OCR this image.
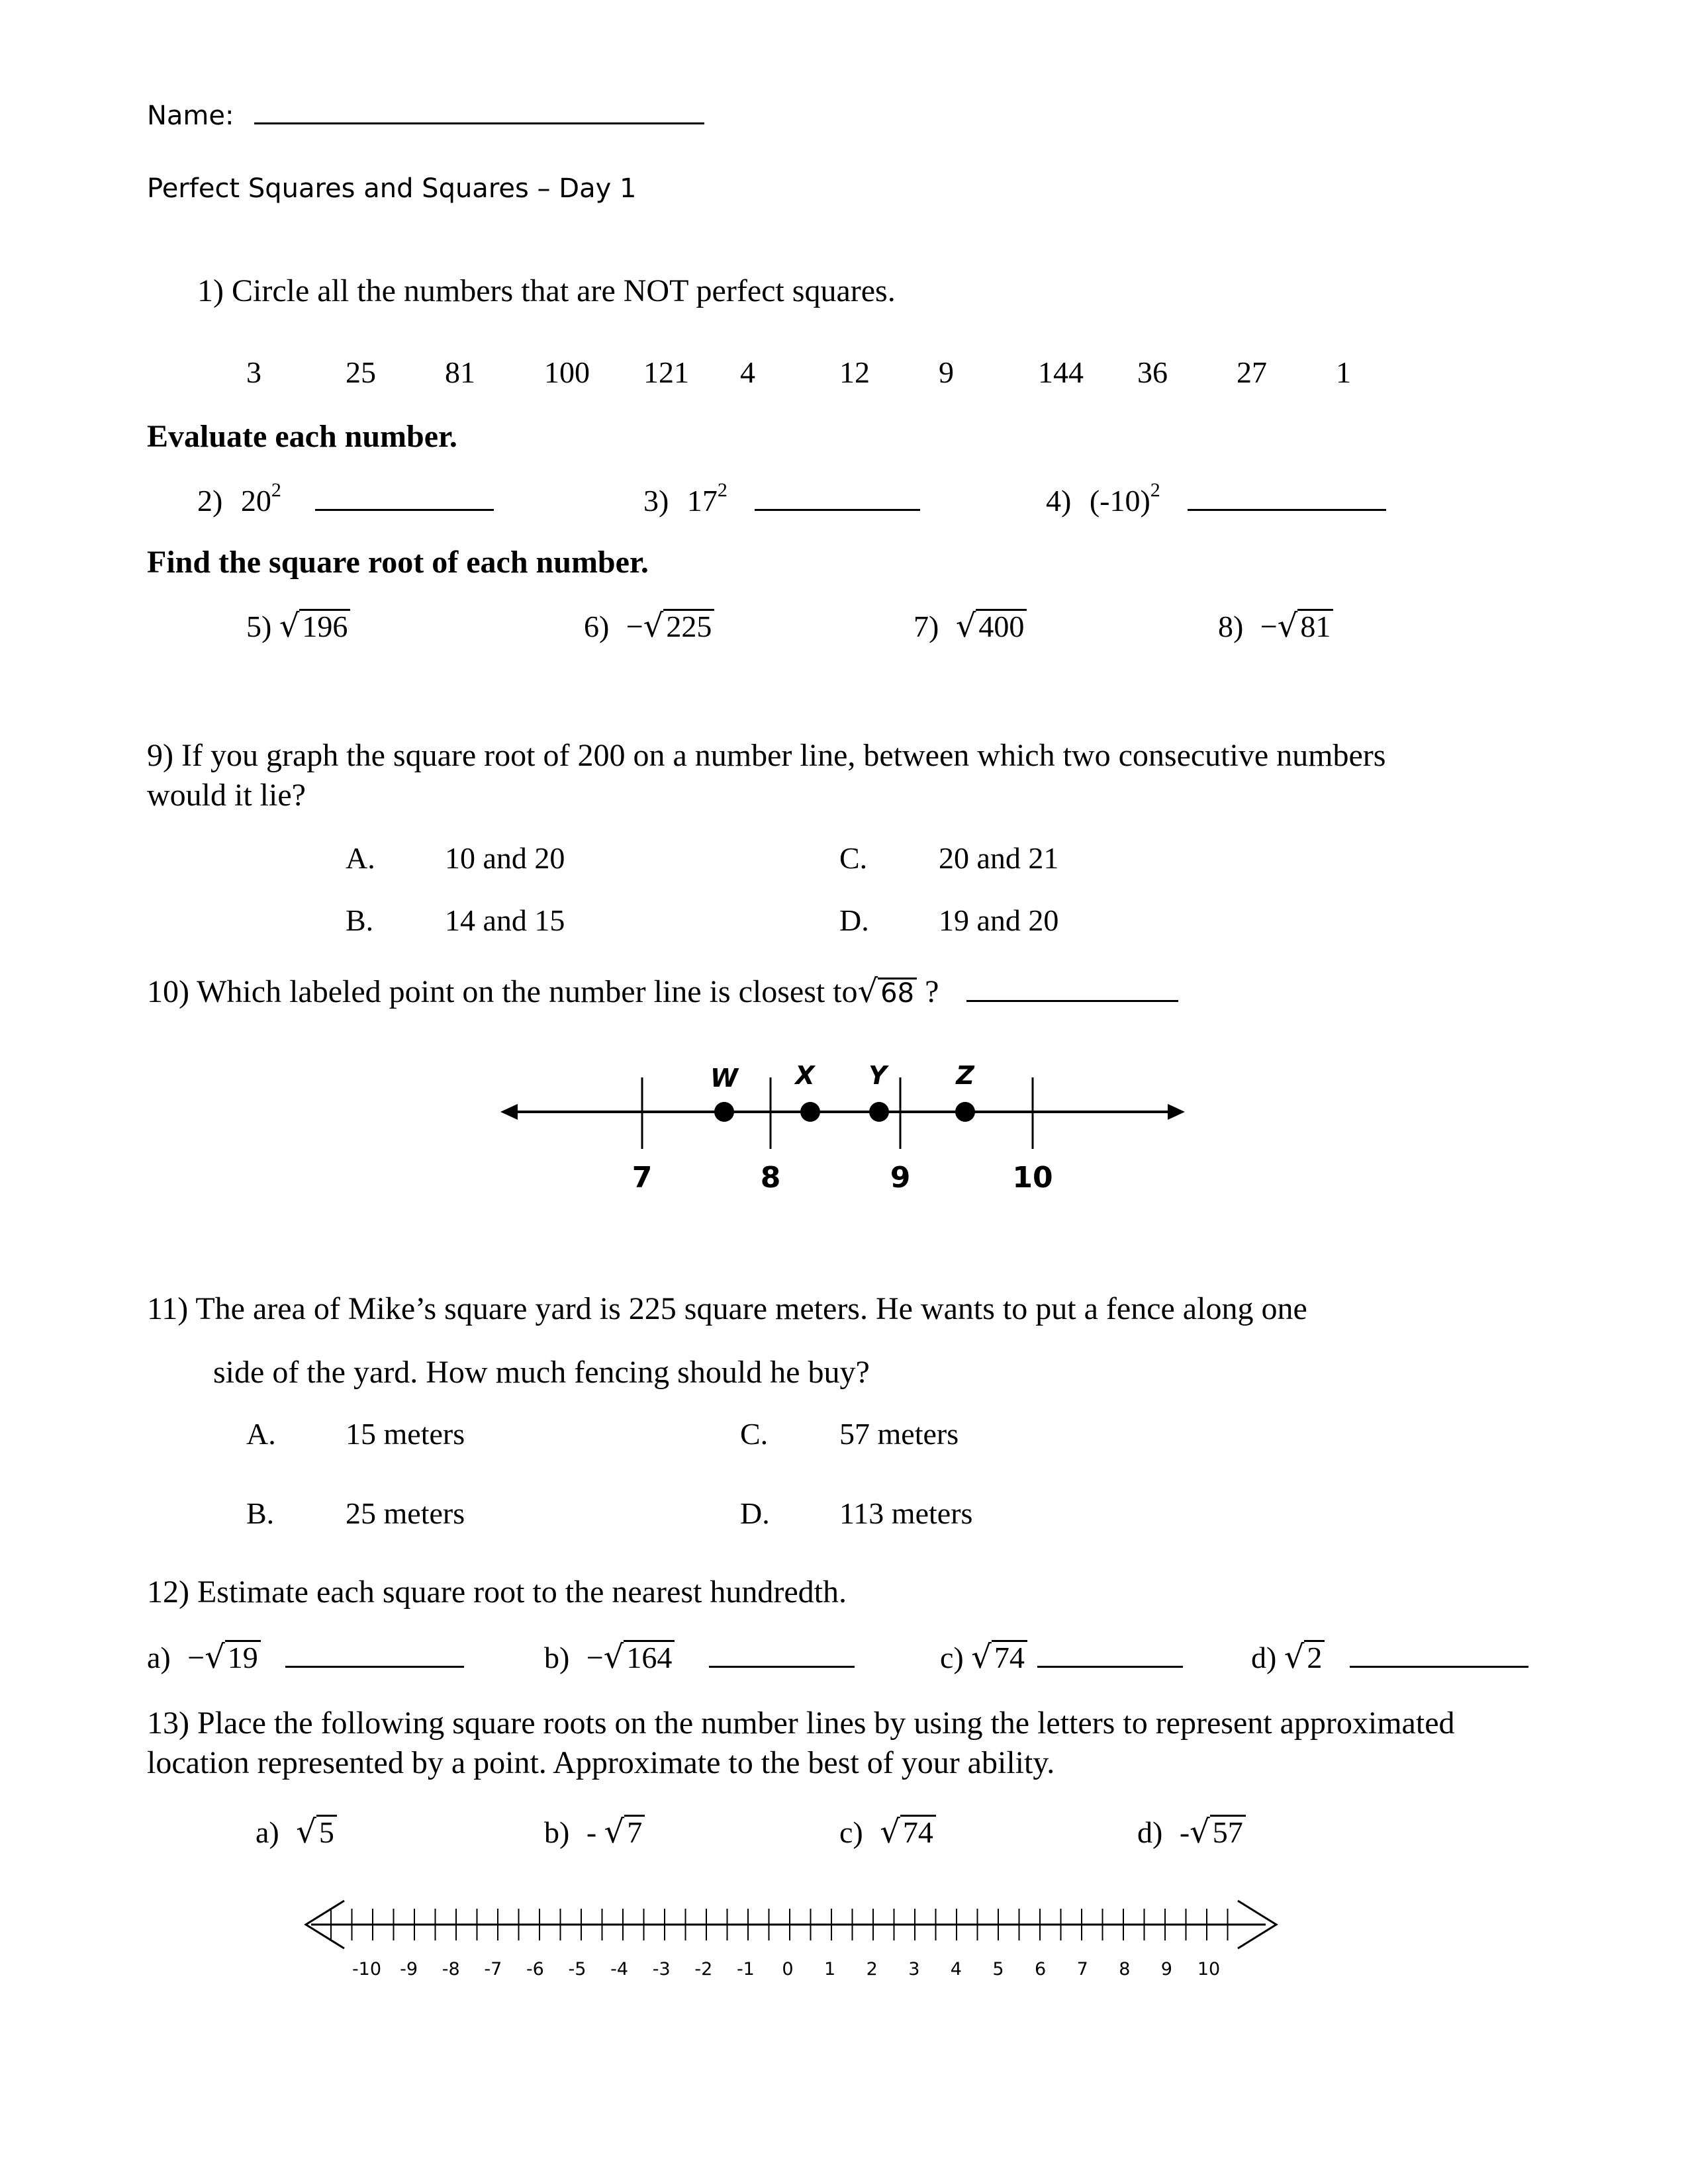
Name:
Perfect Squares and Squares – Day 1
1) Circle all the numbers that are NOT perfect squares.
3	25 81 100 121 4	12 9	144 36 27 1
Evaluate each number.
2) $20^2$	3) $17^2$	4) $(-10)^2$
Find the square root of each number.
5) √196	6) −√225	7) √400	8) −√81
9) If you graph the square root of 200 on a number line, between which two consecutive numbers
would it lie?
A. 10 and 20
B. 14 and 15
C. 20 and 21
D. 19 and 20
10) Which labeled point on the number line is closest to√ 68 ?
7	8	9	10
W X Y	Z
11) The area of Mike’s square yard is 225 square meters. He wants to put a fence along one
side of the yard. How much fencing should he buy?
A. 15 meters
B. 25 meters
C. 57 meters
D. 113 meters
12) Estimate each square root to the nearest hundredth.
a) −√19	b) −√164	c) √74	d) √2
13) Place the following square roots on the number lines by using the letters to represent approximated
location represented by a point. Approximate to the best of your ability.
a) √5	b) - √7	c) √74	d) -√57
-10 -9 -8 -7 -6 -5 -4 -3 -2 -1 0 1 2 3 4 5 6 7 8 9 10
